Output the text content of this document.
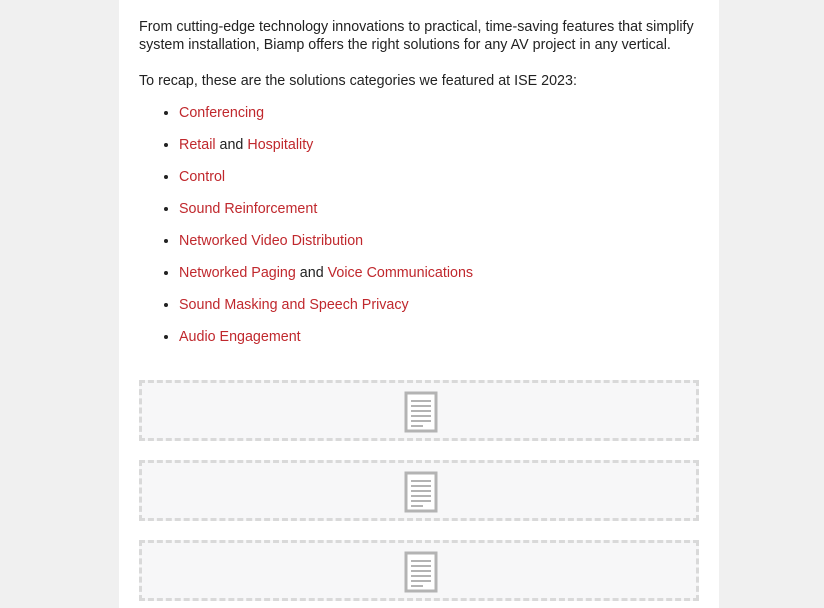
From cutting-edge technology innovations to practical, time-saving features that simplify system installation, Biamp offers the right solutions for any AV project in any vertical.

To recap, these are the solutions categories we featured at ISE 2023:

• Conferencing
• Retail and Hospitality
• Control
• Sound Reinforcement
• Networked Video Distribution
• Networked Paging and Voice Communications
• Sound Masking and Speech Privacy
• Audio Engagement
